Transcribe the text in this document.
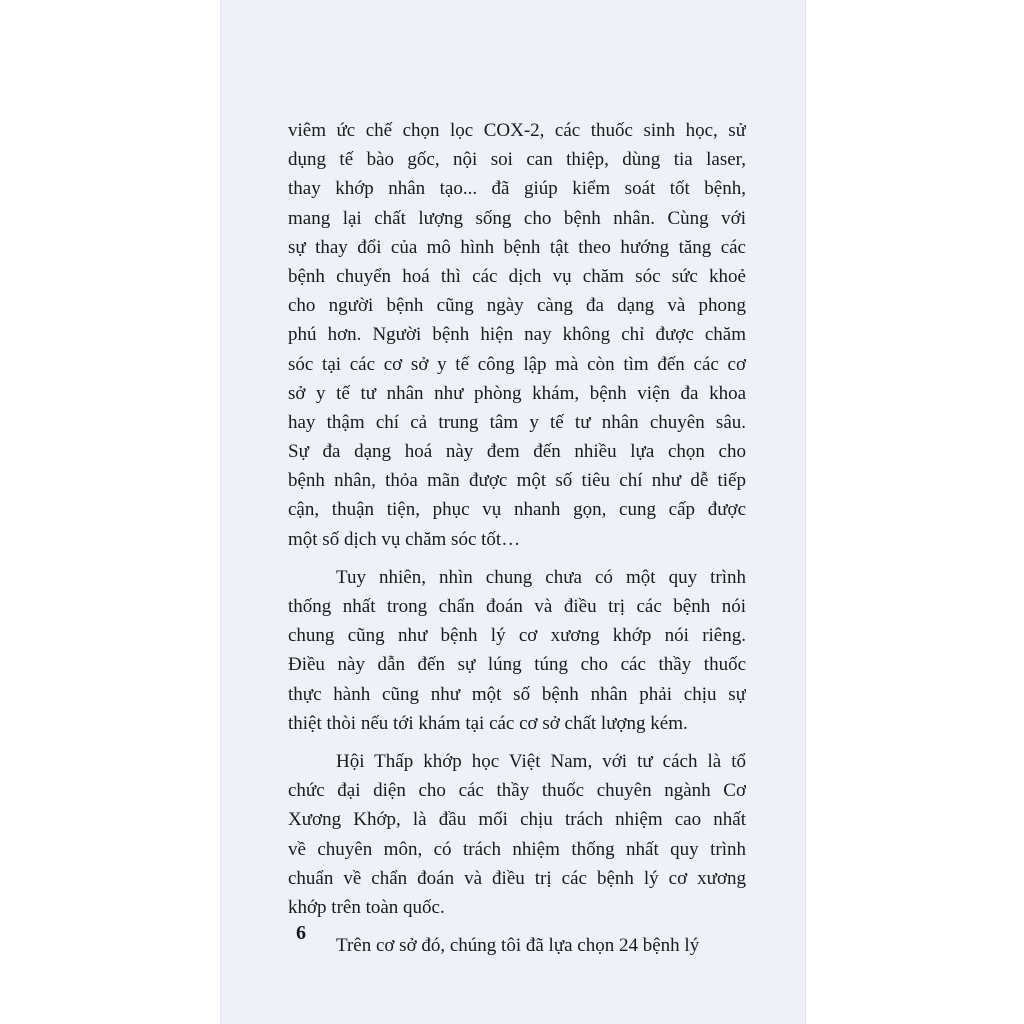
viêm ức chế chọn lọc COX-2, các thuốc sinh học, sử
dụng tế bào gốc, nội soi can thiệp, dùng tia laser,
thay khớp nhân tạo... đã giúp kiểm soát tốt bệnh,
mang lại chất lượng sống cho bệnh nhân. Cùng với
sự thay đổi của mô hình bệnh tật theo hướng tăng các
bệnh chuyển hoá thì các dịch vụ chăm sóc sức khoẻ
cho người bệnh cũng ngày càng đa dạng và phong
phú hơn. Người bệnh hiện nay không chỉ được chăm
sóc tại các cơ sở y tế công lập mà còn tìm đến các cơ
sở y tế tư nhân như phòng khám, bệnh viện đa khoa
hay thậm chí cả trung tâm y tế tư nhân chuyên sâu.
Sự đa dạng hoá này đem đến nhiều lựa chọn cho
bệnh nhân, thỏa mãn được một số tiêu chí như dễ tiếp
cận, thuận tiện, phục vụ nhanh gọn, cung cấp được
một số dịch vụ chăm sóc tốt…
Tuy nhiên, nhìn chung chưa có một quy trình
thống nhất trong chẩn đoán và điều trị các bệnh nói
chung cũng như bệnh lý cơ xương khớp nói riêng.
Điều này dẫn đến sự lúng túng cho các thầy thuốc
thực hành cũng như một số bệnh nhân phải chịu sự
thiệt thòi nếu tới khám tại các cơ sở chất lượng kém.
Hội Thấp khớp học Việt Nam, với tư cách là tổ
chức đại diện cho các thầy thuốc chuyên ngành Cơ
Xương Khớp, là đầu mối chịu trách nhiệm cao nhất
về chuyên môn, có trách nhiệm thống nhất quy trình
chuẩn về chẩn đoán và điều trị các bệnh lý cơ xương
khớp trên toàn quốc.
Trên cơ sở đó, chúng tôi đã lựa chọn 24 bệnh lý
6
